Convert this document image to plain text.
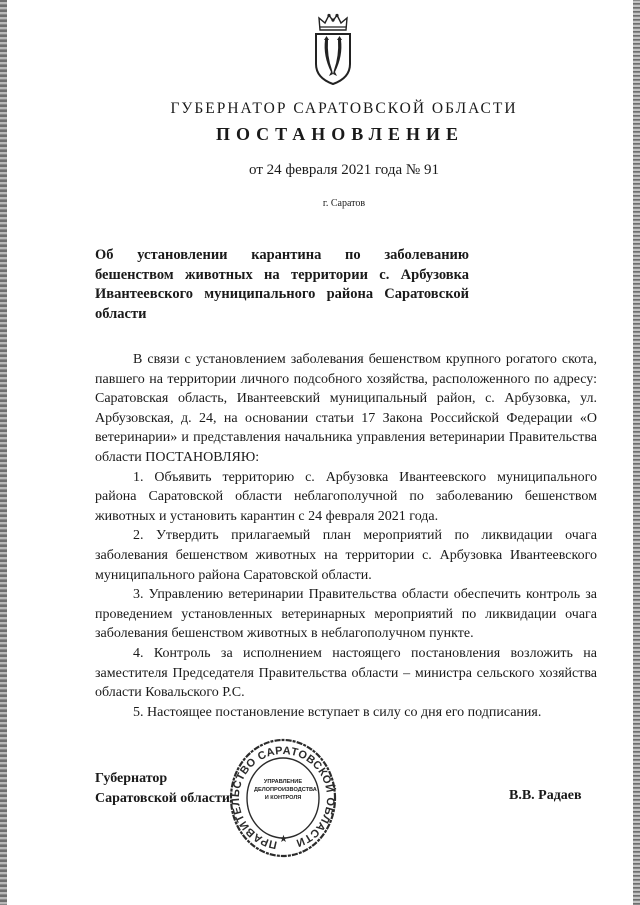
ГУБЕРНАТОР САРАТОВСКОЙ ОБЛАСТИ
ПОСТАНОВЛЕНИЕ
от 24 февраля 2021 года № 91
г. Саратов
Об установлении карантина по заболеванию бешенством животных на территории с. Арбузовка Ивантеевского муниципального района Саратовской области

В связи с установлением заболевания бешенством крупного рогатого скота, павшего на территории личного подсобного хозяйства, расположенного по адресу: Саратовская область, Ивантеевский муниципальный район, с. Арбузовка, ул. Арбузовская, д. 24, на основании статьи 17 Закона Российской Федерации «О ветеринарии» и представления начальника управления ветеринарии Правительства области ПОСТАНОВЛЯЮ:

1. Объявить территорию с. Арбузовка Ивантеевского муниципального района Саратовской области неблагополучной по заболеванию бешенством животных и установить карантин с 24 февраля 2021 года.

2. Утвердить прилагаемый план мероприятий по ликвидации очага заболевания бешенством животных на территории с. Арбузовка Ивантеевского муниципального района Саратовской области.

3. Управлению ветеринарии Правительства области обеспечить контроль за проведением установленных ветеринарных мероприятий по ликвидации очага заболевания бешенством животных в неблагополучном пункте.

4. Контроль за исполнением настоящего постановления возложить на заместителя Председателя Правительства области – министра сельского хозяйства области Ковальского Р.С.

5. Настоящее постановление вступает в силу со дня его подписания.

Губернатор
Саратовской области
ПРАВИТЕЛЬСТВО САРАТОВСКОЙ ОБЛАСТИ
★
УПРАВЛЕНИЕ
ДЕЛОПРОИЗВОДСТВА
И КОНТРОЛЯ	В.В. Радаев
